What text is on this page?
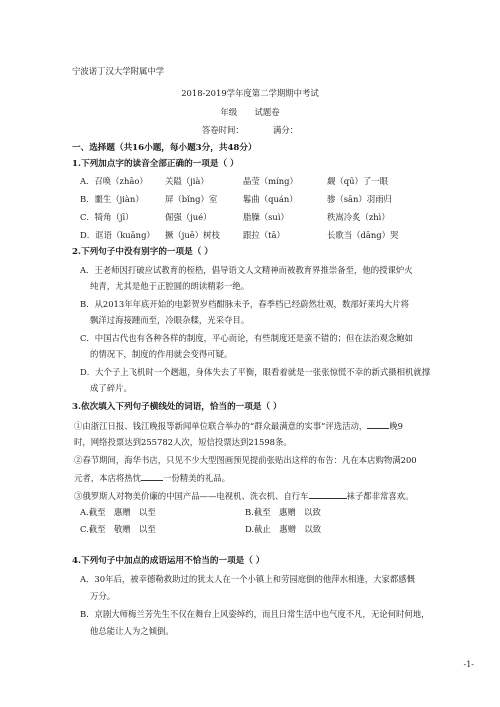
宁波诺丁汉大学附属中学
2018-2019学年度第二学期期中考试
年级 试题卷
答卷时间：	满分：
一、选择题（共16小题，每小题3分，共48分）
1.下列加点字的读音全部正确的一项是（ ）
A．召唤（zhāo） 关隘（jià）	晶莹（míng）	觑（qū）了一眼
B．噩生（jiàn）	屏（bǐng）室	鬈曲（quán）	骖（sān）羽雨归
C．犄角（jī）	倔强（jué）	脂臊（suì）	秩嵩冷炙（zhì）
D．诓语（kuāng） 撅（juē）树枝	跟拉（tā）	长歌当（dāng）哭
2.下列句子中没有别字的一项是（ ）
A．王老师因打破应试教育的桎梏，倡导语文人文精神而被教育界推崇备至，他的授课炉火
纯青，尤其是他于正腔圆的朗读精彩一绝。
B．从2013年年底开始的电影贺岁档酣脉未予，春季档已经蔚然壮观，数部好莱坞大片将
飘洋过海接踵而至，冷眼杂糅，光采夺目。
C．中国古代也有各种各样的制度，平心而论，有些制度还是蛮不错的；但在法治观念鲍如
的情况下，制度的作用就会变得可疑。
D．大个子上飞机时一个趔趄，身体失去了平衡，眼看着就是一张张惊慌不幸的新式摄相机就撑
成了碎片。
3.依次填入下列句子横线处的词语，恰当的一项是（ ）
①由浙江日报、钱江晚报等新闻单位联合举办的“群众最满意的实事”评选活动，	晚9
时，网络投票达到255782人次，短信投票达到21598条。
②春节期间，海华书店，只见不少大型图画预见提前张贴出这样的布告：凡在本店购物满200
元者，本店将热忱	一份精美的礼品。
③俄罗斯人对物美价廉的中国产品——电视机、洗衣机、自行车	袜子都非常喜欢。
A.截至　惠赠　以至	B.截至　惠赠　以致
C.截至　敬赠　以至	D.截止　惠赠　以致
4.下列句子中加点的成语运用不恰当的一项是（ ）
A．30年后，被幸德勒救助过的犹太人在一个小镇上和劳园庭倒的他萍水相逢，大家都感慨
万分。
B．京剧大师梅兰芳先生不仅在舞台上风姿绰约，而且日常生活中也气度不凡，无论何时何地，
他总能让人为之倾倒。
-1-
